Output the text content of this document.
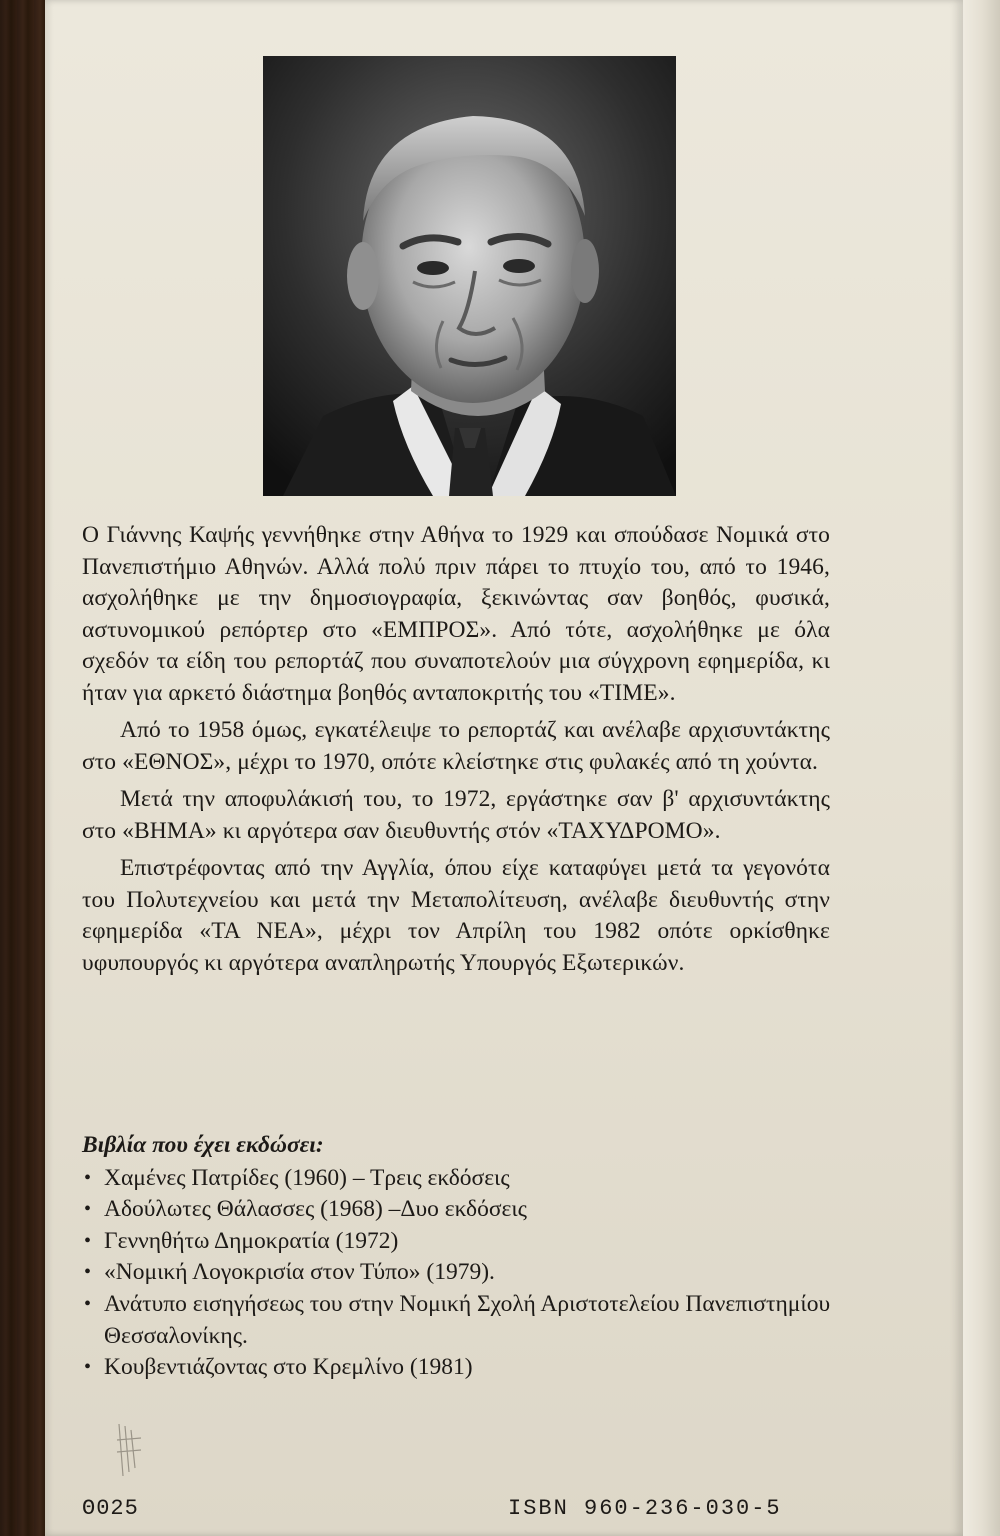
Ο Γιάννης Καψής γεννήθηκε στην Αθήνα το 1929 και σπούδασε Νομικά στο Πανεπιστήμιο Αθηνών. Αλλά πολύ πριν πάρει το πτυχίο του, από το 1946, ασχολήθηκε με την δημοσιογραφία, ξεκινώντας σαν βοηθός, φυσικά, αστυνομικού ρεπόρτερ στο «ΕΜΠΡΟΣ». Από τότε, ασχολήθηκε με όλα σχεδόν τα είδη του ρεπορτάζ που συναποτελούν μια σύγχρονη εφημερίδα, κι ήταν για αρκετό διάστημα βοηθός ανταποκριτής του «TIME».

Από το 1958 όμως, εγκατέλειψε το ρεπορτάζ και ανέλαβε αρχισυντάκτης στο «ΕΘΝΟΣ», μέχρι το 1970, οπότε κλείστηκε στις φυλακές από τη χούντα.

Μετά την αποφυλάκισή του, το 1972, εργάστηκε σαν β' αρχισυντάκτης στο «ΒΗΜΑ» κι αργότερα σαν διευθυντής στόν «ΤΑΧΥΔΡΟΜΟ».

Επιστρέφοντας από την Αγγλία, όπου είχε καταφύγει μετά τα γεγονότα του Πολυτεχνείου και μετά την Μεταπολίτευση, ανέλαβε διευθυντής στην εφημερίδα «ΤΑ ΝΕΑ», μέχρι τον Απρίλη του 1982 οπότε ορκίσθηκε υφυπουργός κι αργότερα αναπληρωτής Υπουργός Εξωτερικών.

Βιβλία που έχει εκδώσει:
• Χαμένες Πατρίδες (1960) – Τρεις εκδόσεις
• Αδούλωτες Θάλασσες (1968) –Δυο εκδόσεις
• Γεννηθήτω Δημοκρατία (1972)
• «Νομική Λογοκρισία στον Τύπο» (1979).
• Ανάτυπο εισηγήσεως του στην Νομική Σχολή Αριστοτελείου Πανεπιστημίου Θεσσαλονίκης.
• Κουβεντιάζοντας στο Κρεμλίνο (1981)
Θ025	ISBN 960-236-030-5
